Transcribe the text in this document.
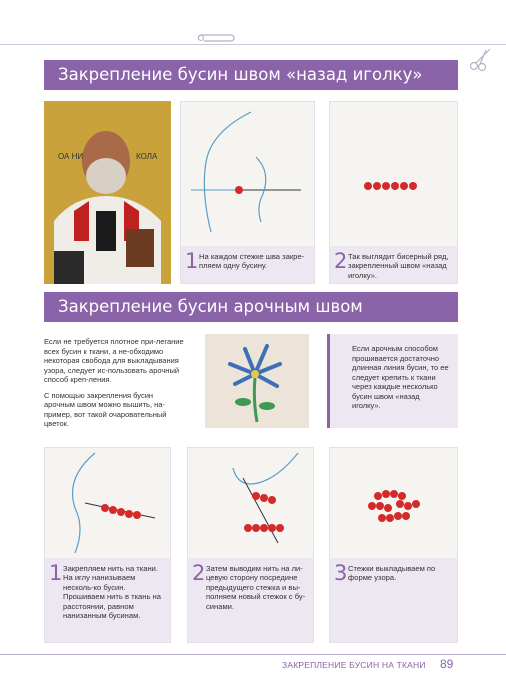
Закрепление бусин швом «назад иголку»
ОА НИ	КОЛА
1 На каждом стежке шва закре-пляем одну бусину.	2 Так выглядит бисерный ряд, закрепленный швом «назад иголку».
Закрепление бусин арочным швом

Если не требуется плотное при-легание всех бусин к ткани, а не-обходимо некоторая свобода для выкладывания узора, следует ис-пользовать арочный способ креп-ления.

С помощью закрепления бусин арочным швом можно вышить, на-пример, вот такой очаровательный цветок.

Если арочным способом прошивается достаточно длинная линия бусин, то ее следует крепить к ткани через каждые несколько бусин швом «назад иголку».
1 Закрепляем нить на ткани. На иглу нанизываем несколь-ко бусин. Прошиваем нить в ткань на расстоянии, равном нанизанным бусинам.
2 Затем выводим нить на ли-цевую сторону посредине предыдущего стежка и вы-полняем новый стежок с бу-синами.
3 Стежки выкладываем по форме узора.
ЗАКРЕПЛЕНИЕ БУСИН НА ТКАНИ 89
